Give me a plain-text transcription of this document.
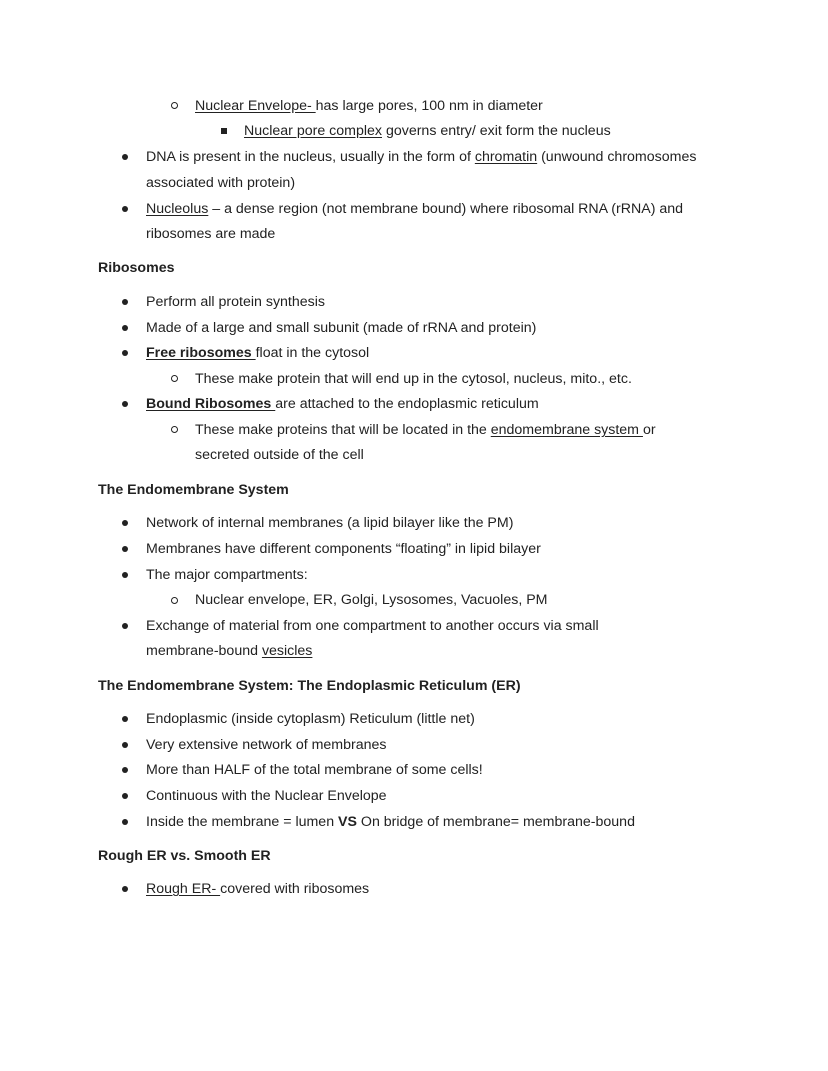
Nuclear Envelope- has large pores, 100 nm in diameter
Nuclear pore complex governs entry/ exit form the nucleus
DNA is present in the nucleus, usually in the form of chromatin (unwound chromosomes
associated with protein)
Nucleolus – a dense region (not membrane bound) where ribosomal RNA (rRNA) and
ribosomes are made
Ribosomes
Perform all protein synthesis
Made of a large and small subunit (made of rRNA and protein)
Free ribosomes float in the cytosol
These make protein that will end up in the cytosol, nucleus, mito., etc.
Bound Ribosomes are attached to the endoplasmic reticulum
These make proteins that will be located in the endomembrane system or
secreted outside of the cell
The Endomembrane System
Network of internal membranes (a lipid bilayer like the PM)
Membranes have different components “floating” in lipid bilayer
The major compartments:
Nuclear envelope, ER, Golgi, Lysosomes, Vacuoles, PM
Exchange of material from one compartment to another occurs via small
membrane-bound vesicles
The Endomembrane System: The Endoplasmic Reticulum (ER)
Endoplasmic (inside cytoplasm) Reticulum (little net)
Very extensive network of membranes
More than HALF of the total membrane of some cells!
Continuous with the Nuclear Envelope
Inside the membrane = lumen VS On bridge of membrane= membrane-bound
Rough ER vs. Smooth ER
Rough ER- covered with ribosomes
